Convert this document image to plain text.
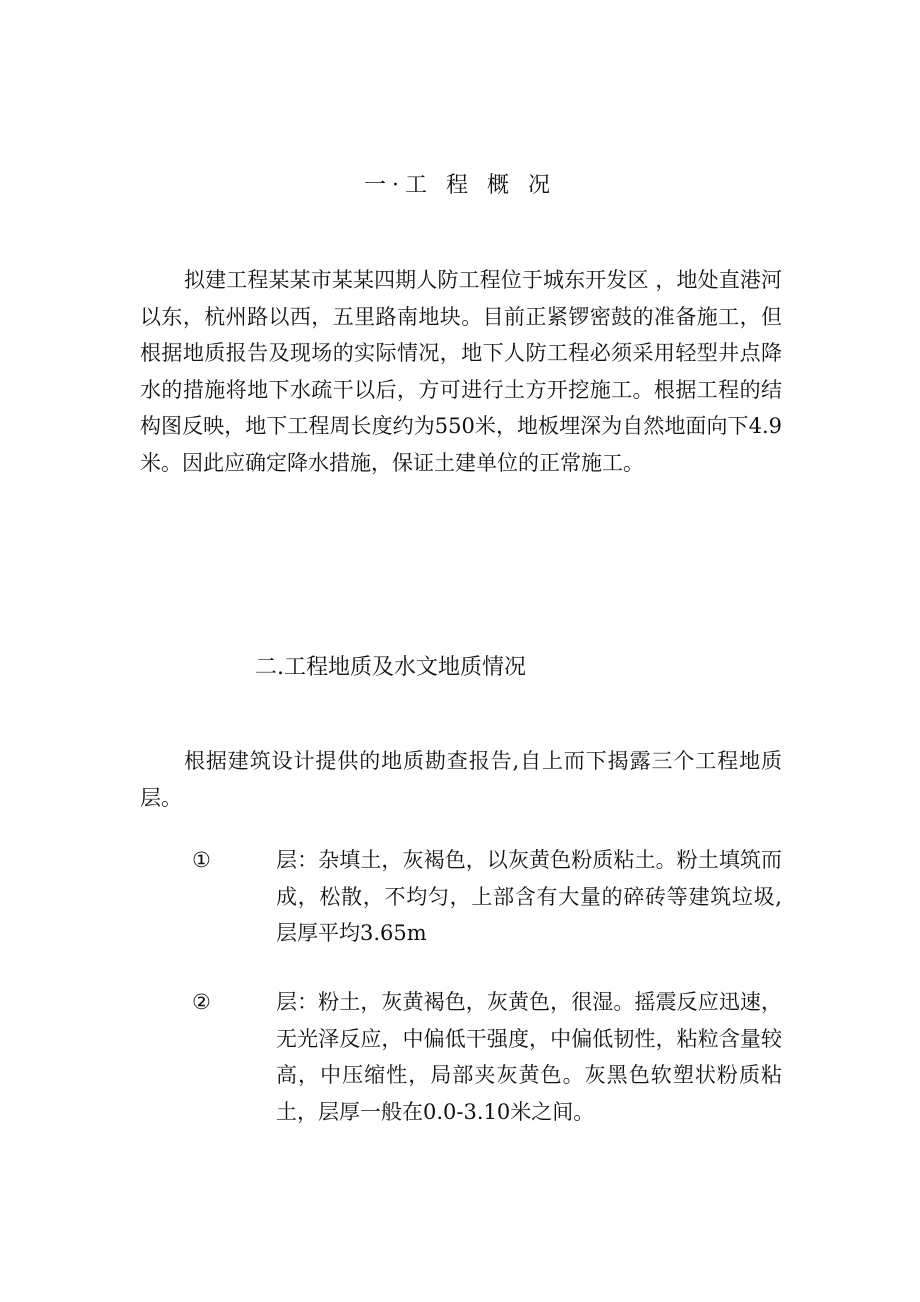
一·工 程 概 况

拟建工程某某市某某四期人防工程位于城东开发区 ，地处直港河以东，杭州路以西，五里路南地块。目前正紧锣密鼓的准备施工，但根据地质报告及现场的实际情况，地下人防工程必须采用轻型井点降水的措施将地下水疏干以后，方可进行土方开挖施工。根据工程的结构图反映，地下工程周长度约为550米，地板埋深为自然地面向下4.9米。因此应确定降水措施，保证土建单位的正常施工。

二.工程地质及水文地质情况

根据建筑设计提供的地质勘查报告,自上而下揭露三个工程地质层。

①	层：杂填土，灰褐色，以灰黄色粉质粘土。粉土填筑而成，松散，不均匀，上部含有大量的碎砖等建筑垃圾,层厚平均3.65m

②	层：粉土，灰黄褐色，灰黄色，很湿。摇震反应迅速，无光泽反应，中偏低干强度，中偏低韧性，粘粒含量较高，中压缩性，局部夹灰黄色。灰黑色软塑状粉质粘土，层厚一般在0.0-3.10米之间。
